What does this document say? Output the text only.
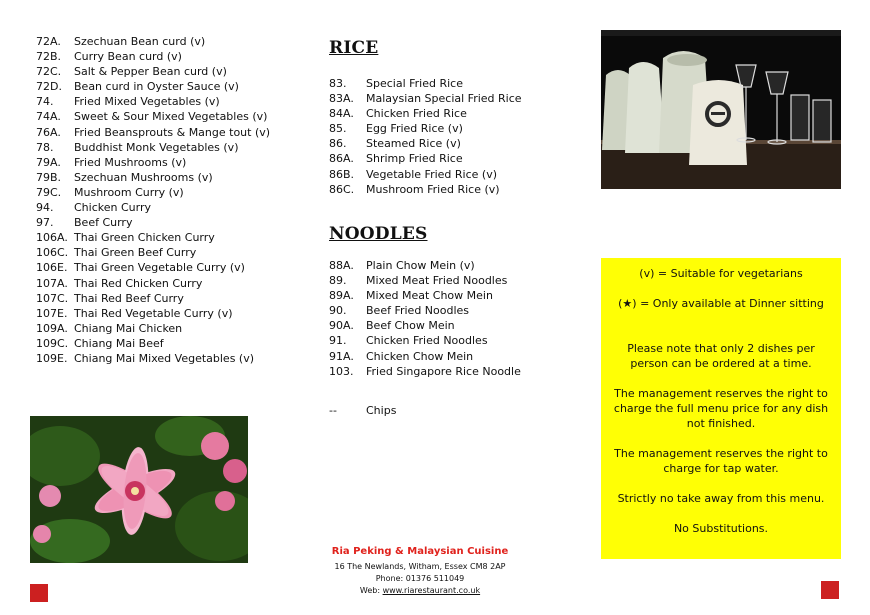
72A. Szechuan Bean curd (v)
72B. Curry Bean curd (v)
72C. Salt & Pepper Bean curd (v)
72D. Bean curd in Oyster Sauce (v)
74. Fried Mixed Vegetables (v)
74A. Sweet & Sour Mixed Vegetables (v)
76A. Fried Beansprouts & Mange tout (v)
78. Buddhist Monk Vegetables (v)
79A. Fried Mushrooms (v)
79B. Szechuan Mushrooms (v)
79C. Mushroom Curry (v)
94. Chicken Curry
97. Beef Curry
106A. Thai Green Chicken Curry
106C. Thai Green Beef Curry
106E. Thai Green Vegetable Curry (v)
107A. Thai Red Chicken Curry
107C. Thai Red Beef Curry
107E. Thai Red Vegetable Curry (v)
109A. Chiang Mai Chicken
109C. Chiang Mai Beef
109E. Chiang Mai Mixed Vegetables (v)
RICE
83. Special Fried Rice
83A. Malaysian Special Fried Rice
84A. Chicken Fried Rice
85. Egg Fried Rice (v)
86. Steamed Rice (v)
86A. Shrimp Fried Rice
86B. Vegetable Fried Rice (v)
86C. Mushroom Fried Rice (v)
NOODLES
88A. Plain Chow Mein (v)
89. Mixed Meat Fried Noodles
89A. Mixed Meat Chow Mein
90. Beef Fried Noodles
90A. Beef Chow Mein
91. Chicken Fried Noodles
91A. Chicken Chow Mein
103. Fried Singapore Rice Noodle
--	Chips
Ria Peking & Malaysian Cuisine
16 The Newlands, Witham, Essex CM8 2AP
Phone: 01376 511049
Web: www.riarestaurant.co.uk

(v) = Suitable for vegetarians

(★) = Only available at Dinner sitting

Please note that only 2 dishes per person can be ordered at a time.

The management reserves the right to charge the full menu price for any dish not finished.

The management reserves the right to charge for tap water.

Strictly no take away from this menu.

No Substitutions.
